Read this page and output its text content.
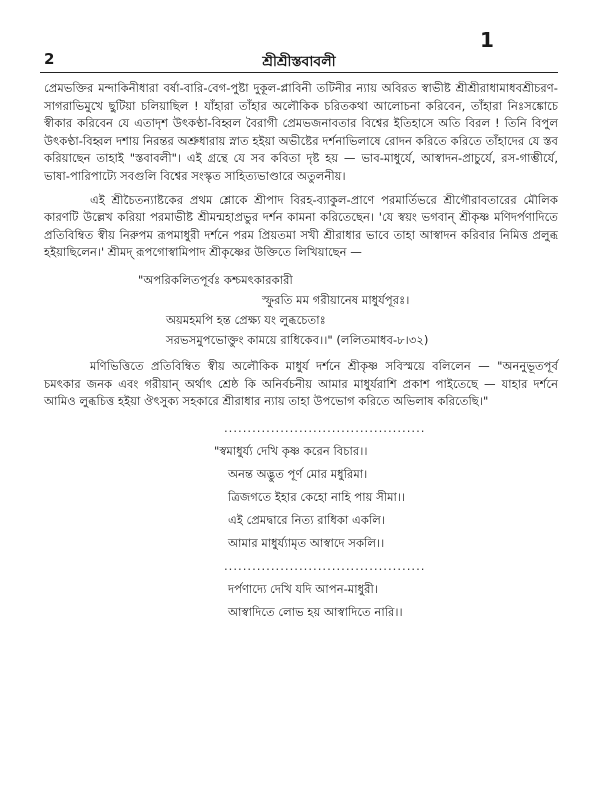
1
2	শ্রীশ্রীস্তবাবলী

প্রেমভক্তির মন্দাকিনীধারা বর্ষা-বারি-বেগ-পুষ্টা দুকূল-প্লাবিনী তটিনীর ন্যায় অবিরত স্বাভীষ্ট শ্রীশ্রীরাধামাধবশ্রীচরণ-সাগরাভিমুখে ছুটিয়া চলিয়াছিল ! যাঁহারা তাঁহার অলৌকিক চরিতকথা আলোচনা করিবেন, তাঁহারা নিঃসঙ্কোচে স্বীকার করিবেন যে এতাদৃশ উৎকণ্ঠা-বিহ্বল বৈরাগী প্রেমভজনাবতার বিশ্বের ইতিহাসে অতি বিরল ! তিনি বিপুল উৎকণ্ঠা-বিহ্বল দশায় নিরন্তর অশ্রুধারায় স্নাত হইয়া অভীষ্টের দর্শনাভিলাষে রোদন করিতে করিতে তাঁহাদের যে স্তব করিয়াছেন তাহাই "স্তবাবলী"। এই গ্রন্থে যে সব কবিতা দৃষ্ট হয় — ভাব-মাধুর্যে, আস্বাদন-প্রাচুর্যে, রস-গাম্ভীর্যে, ভাষা-পারিপাট্যে সবগুলি বিশ্বের সংস্কৃত সাহিত্যভাণ্ডারে অতুলনীয়।

এই শ্রীচৈতন্যাষ্টকের প্রথম শ্লোকে শ্রীপাদ বিরহ-ব্যাকুল-প্রাণে পরমার্তিভরে শ্রীগৌরাবতারের মৌলিক কারণটি উল্লেখ করিয়া পরমাভীষ্ট শ্রীমন্মহাপ্রভুর দর্শন কামনা করিতেছেন। 'যে স্বয়ং ভগবান্ শ্রীকৃষ্ণ মণিদর্পণাদিতে প্রতিবিম্বিত স্বীয় নিরুপম রূপমাধুরী দর্শনে পরম প্রিয়তমা সখী শ্রীরাধার ভাবে তাহা আস্বাদন করিবার নিমিত্ত প্রলুব্ধ হইয়াছিলেন।' শ্রীমদ্ রূপগোস্বামিপাদ শ্রীকৃষ্ণের উক্তিতে লিখিয়াছেন —

"অপরিকলিতপূর্বঃ কশ্চমৎকারকারী
স্ফুরতি মম গরীয়ানেষ মাধুর্যপূরঃ।
অয়মহমপি হন্ত প্রেক্ষ্য যং লুব্ধচেতাঃ
সরভসমুপভোক্তুং কাময়ে রাধিকেব।।" (ললিতমাধব-৮।৩২)

মণিভিত্তিতে প্রতিবিম্বিত স্বীয় অলৌকিক মাধুর্য দর্শনে শ্রীকৃষ্ণ সবিস্ময়ে বলিলেন — "অননুভূতপূর্ব চমৎকার জনক এবং গরীয়ান্ অর্থাৎ শ্রেষ্ঠ কি অনির্বচনীয় আমার মাধুর্যরাশি প্রকাশ পাইতেছে — যাহার দর্শনে আমিও লুব্ধচিত্ত হইয়া ঔৎসুক্য সহকারে শ্রীরাধার ন্যায় তাহা উপভোগ করিতে অভিলাষ করিতেছি।"

...........................................
"স্বমাধুর্য্য দেখি কৃষ্ণ করেন বিচার।।
অনন্ত অদ্ভুত পূর্ণ মোর মধুরিমা।
ত্রিজগতে ইহার কেহো নাহি পায় সীমা।।
এই প্রেমদ্বারে নিত্য রাধিকা একলি।
আমার মাধুর্য্যামৃত আস্বাদে সকলি।।
...........................................
দর্পণাদ্যে দেখি যদি আপন-মাধুরী।
আস্বাদিতে লোভ হয় আস্বাদিতে নারি।।
